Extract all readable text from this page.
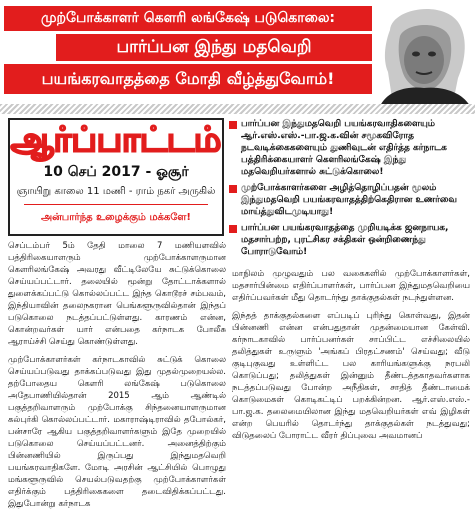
முற்போக்காளர் கௌரி லங்கேஷ் படுகொலை:
பார்ப்பன இந்து மதவெறி
பயங்கரவாதத்தை மோதி வீழ்த்துவோம்!
ஆர்ப்பாட்டம்
10 செப் 2017 - ஓசூர்
ஞாயிறு காலை 11 மணி - ராம் நகர் அருகில்
அன்பார்ந்த உழைக்கும் மக்களே!
பார்ப்பன இந்துமதவெறி பயங்கரவாதிகளையும் ஆர்.எஸ்.எஸ்.-பா.ஜ.க.வின் சமூகவிரோத நடவடிக்கைகளையும் துணிவுடன் எதிர்த்த கர்நாடக பத்திரிக்கையாளர் கௌரிலங்கேஷ் இந்து மதவெறியர்களால் சுட்டுக்கொலை!
முற்போக்காளர்களை அழித்தொழிப்பதன் மூலம் இந்துமதவெறி பயங்கரவாதத்திற்கெதிரான உணர்வை மாய்த்துவிடமுடியாது!
பார்ப்பன பயங்கரவாதத்தை முறியடிக்க ஜனநாயக, மதசார்பற்ற, புரட்சிகர சக்திகள் ஒன்றிணைந்து போராடுவோம்!

செப்டம்பர் 5ம் தேதி மாலை 7 மணியளவில் பத்திரிகையாளரும் முற்போக்காளருமான கௌரிலங்கேஷ் அவரது வீட்டிலேயே சுட்டுக்கொலை செய்யப்பட்டார். தலையில் மூன்று தோட்டாக்களால் துளைக்கப்பட்டு கொல்லப்பட்ட இந்த கொடூரச் சம்பவம், இந்தியாவின் தலைநகரான பெங்களூருவில்தான் இந்தப் படுகொலை நடத்தப்பட்டுள்ளது. காரணம் என்ன, கொன்றவர்கள் யார் என்பதை கர்நாடக போலீசு ஆராய்ச்சி செய்து கொண்டுள்ளது.

முற்போக்காளர்கள் கர்நாடகாவில் சுட்டுக் கொலை செய்யப்படுவது தாக்கப்படுவது இது முதல்முறையல்ல. தற்போதைய கௌரி லங்கேஷ் படுகொலை அதேபாணியில்தான் 2015 ஆம் ஆண்டில் பகுத்தறிவாளரும் முற்போக்கு சிந்தனையாளருமான கல்புர்கி கொல்லப்பட்டார். மகாராஷ்டிராவில் தபோல்கர், பன்சாரே ஆகிய பகுத்தறிவாளர்களும் இதே முறையில் படுகொலை செய்யப்பட்டனர். அனைத்திற்கும் பின்னணியில் இருப்பது இந்துமதவெறி பயங்கரவாதிகளே. மோடி அரசின் ஆட்சியில் பொழுது மங்களூருவில் செயல்படுவதற்கு முற்போக்காளர்கள் எதிர்க்கும் பத்திரிகைகளை தடைவிதிக்கப்பட்டது. இதுபோன்று கர்நாடக

மாநிலம் முழுவதும் பல வகைகளில் முற்போக்காளர்கள், மதசார்பின்மை எதிர்ப்பாளர்கள், பார்ப்பன இந்துமதவெறியை எதிர்ப்பவர்கள் மீது தொடர்ந்து தாக்குதல்கள் நடந்துள்ளன.

இந்தத் தாக்குதல்களை எப்படிப் புரிந்து கொள்வது, இதன் பின்னணி என்ன என்பதுதான் முதன்மையான கேள்வி. கர்நாடகாவில் பார்ப்பனர்கள் சாப்பிட்ட எச்சிலையில் தலித்துகள் உருளும் 'அங்கப் பிரதட்சணம்' செய்வது; வீடு குடிபுகுவது உள்ளிட்ட பல காரியங்களுக்கு நரபலி கொடுப்பது; தலித்துகள் இன்னும் தீண்டத்தகாதவர்களாக நடத்தப்படுவது போன்ற அநீதிகள், சாதித் தீண்டாமைக் கொடுமைகள் கொடிகட்டிப் பறக்கின்றன. ஆர்.எஸ்.எஸ்.-பா.ஜ.க. தலைமையிலான இந்து மதவெறியர்கள் எவ் இழிகள் என்ற பெயரில் தொடர்ந்து தாக்குதல்கள் நடத்துவது; விடுதலைப் போராட்ட வீரர் திப்புவை அவமானப்
